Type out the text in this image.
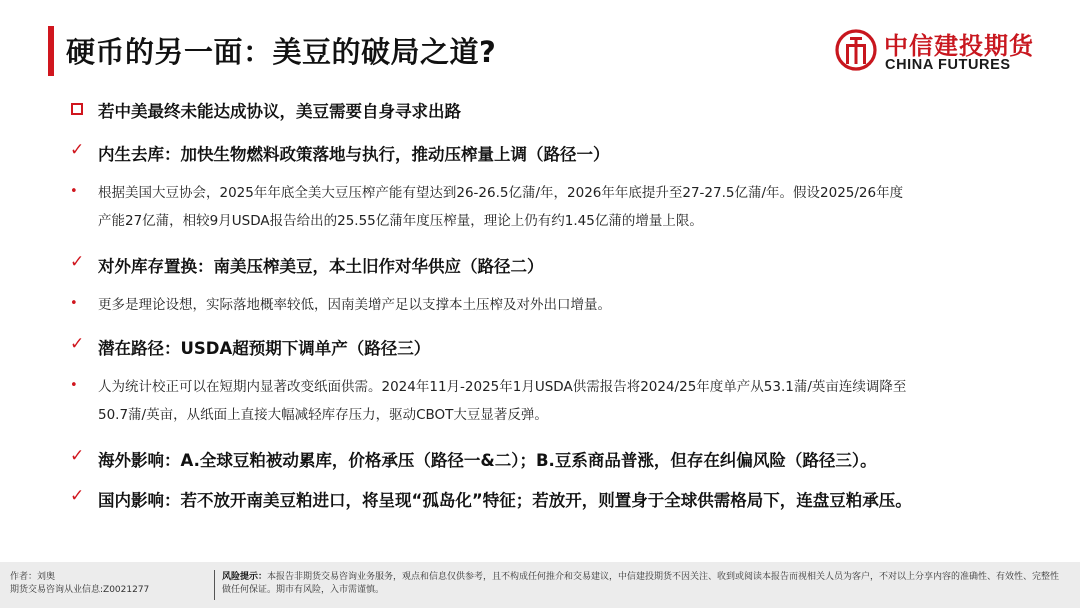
硬币的另一面：美豆的破局之道?	中信建投期货
CHINA FUTURES
若中美最终未能达成协议，美豆需要自身寻求出路
✓ 内生去库：加快生物燃料政策落地与执行，推动压榨量上调（路径一）
• 根据美国大豆协会，2025年年底全美大豆压榨产能有望达到26-26.5亿蒲/年，2026年年底提升至27-27.5亿蒲/年。假设2025/26年度
产能27亿蒲，相较9月USDA报告给出的25.55亿蒲年度压榨量，理论上仍有约1.45亿蒲的增量上限。
✓ 对外库存置换：南美压榨美豆，本土旧作对华供应（路径二）
• 更多是理论设想，实际落地概率较低，因南美增产足以支撑本土压榨及对外出口增量。
✓ 潜在路径：USDA超预期下调单产（路径三）
• 人为统计校正可以在短期内显著改变纸面供需。2024年11月-2025年1月USDA供需报告将2024/25年度单产从53.1蒲/英亩连续调降至
50.7蒲/英亩，从纸面上直接大幅减轻库存压力，驱动CBOT大豆显著反弹。
✓ 海外影响：A.全球豆粕被动累库，价格承压（路径一&二）；B.豆系商品普涨，但存在纠偏风险（路径三）。
✓ 国内影响：若不放开南美豆粕进口，将呈现“孤岛化”特征；若放开，则置身于全球供需格局下，连盘豆粕承压。
作者：刘奥
期货交易咨询从业信息:Z0021277
风险提示：本报告非期货交易咨询业务服务，观点和信息仅供参考，且不构成任何推介和交易建议，中信建投期货不因关注、收到或阅读本报告而视相关人员为客户，不对以上分享内容的准确性、有效性、完整性做任何保证。期市有风险，入市需谨慎。
